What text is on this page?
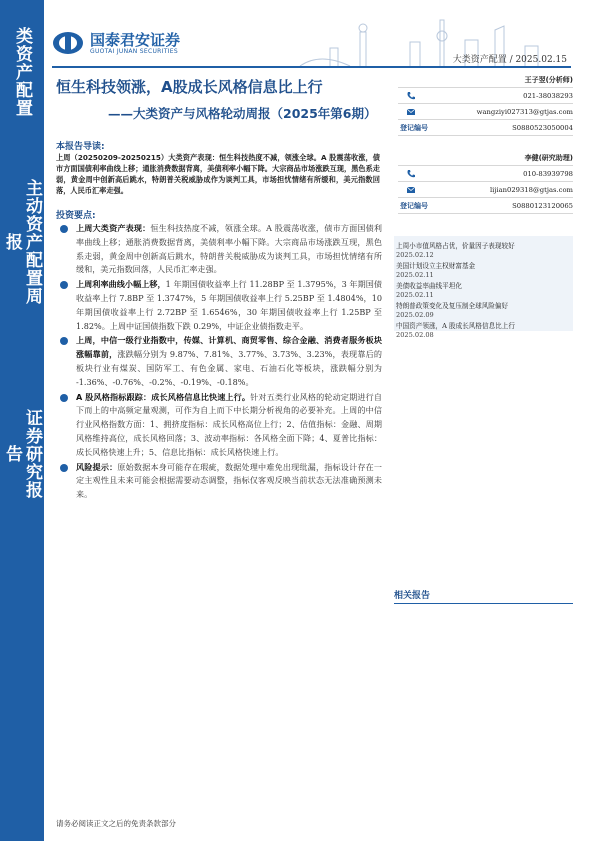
类资产配置
主动资产配置周报
证券研究报告
国泰君安证券
GUOTAI JUNAN SECURITIES
大类资产配置 / 2025.02.15
恒生科技领涨，A股成长风格信息比上行
——大类资产与风格轮动周报（2025年第6期）
本报告导读:
上周（20250209-20250215）大类资产表现：恒生科技热度不减，领涨全球。A 股震荡收涨，债市方面国债利率曲线上移；通胀消费数据背离，美债利率小幅下降。大宗商品市场涨跌互现，黑色系走弱，黄金周中创新高后跳水，特朗普关税威胁成作为谈判工具，市场担忧情绪有所缓和，美元指数回落，人民币汇率走强。
投资要点:
上周大类资产表现：恒生科技热度不减，领涨全球。A 股震荡收涨，债市方面国债利率曲线上移；通胀消费数据背离，美债利率小幅下降。大宗商品市场涨跌互现，黑色系走弱，黄金周中创新高后跳水，特朗普关税威胁成为谈判工具，市场担忧情绪有所缓和，美元指数回落，人民币汇率走强。
上周利率曲线小幅上移，1 年期国债收益率上行 11.28BP 至 1.3795%，3 年期国债收益率上行 7.8BP 至 1.3747%，5 年期国债收益率上行 5.25BP 至 1.4804%，10 年期国债收益率上行 2.72BP 至 1.6546%，30 年期国债收益率上行 1.25BP 至 1.82%。上周中证国债指数下跌 0.29%，中证企业债指数走平。
上周，中信一级行业指数中，传媒、计算机、商贸零售、综合金融、消费者服务板块涨幅靠前，涨跌幅分别为 9.87%、7.81%、3.77%、3.73%、3.23%，表现靠后的板块行业有煤炭、国防军工、有色金属、家电、石油石化等板块，涨跌幅分别为 -1.36%、-0.76%、-0.2%、-0.19%、-0.18%。
A 股风格指标跟踪：成长风格信息比快速上行。针对五类行业风格的轮动定期进行自下而上的中高频定量观测，可作为自上而下中长期分析视角的必要补充。上周的中信行业风格指数方面：1、拥挤度指标：成长风格高位上行；2、估值指标：金融、周期风格维持高位，成长风格回落；3、波动率指标：各风格全面下降；4、夏普比指标：成长风格快速上升；5、信息比指标：成长风格快速上行。
风险提示：原始数据本身可能存在瑕疵，数据处理中难免出现纰漏，指标设计存在一定主观性且未来可能会根据需要动态调整，指标仅客观反映当前状态无法准确预测未来。
王子翌(分析师)
021-38038293
wangziyi027313@gtjas.com
登记编号	S0880523050004
李健(研究助理)
010-83939798
lijian029318@gtjas.com
登记编号	S0880123120065
上周小市值风格占优，价量因子表现较好
2025.02.12
美国计划设立主权财富基金
2025.02.11
美债收益率曲线平坦化
2025.02.11
特朗普政策变化及复压制全球风险偏好
2025.02.09
中国资产领涨，A 股成长风格信息比上行
2025.02.08
相关报告
请务必阅读正文之后的免责条款部分
